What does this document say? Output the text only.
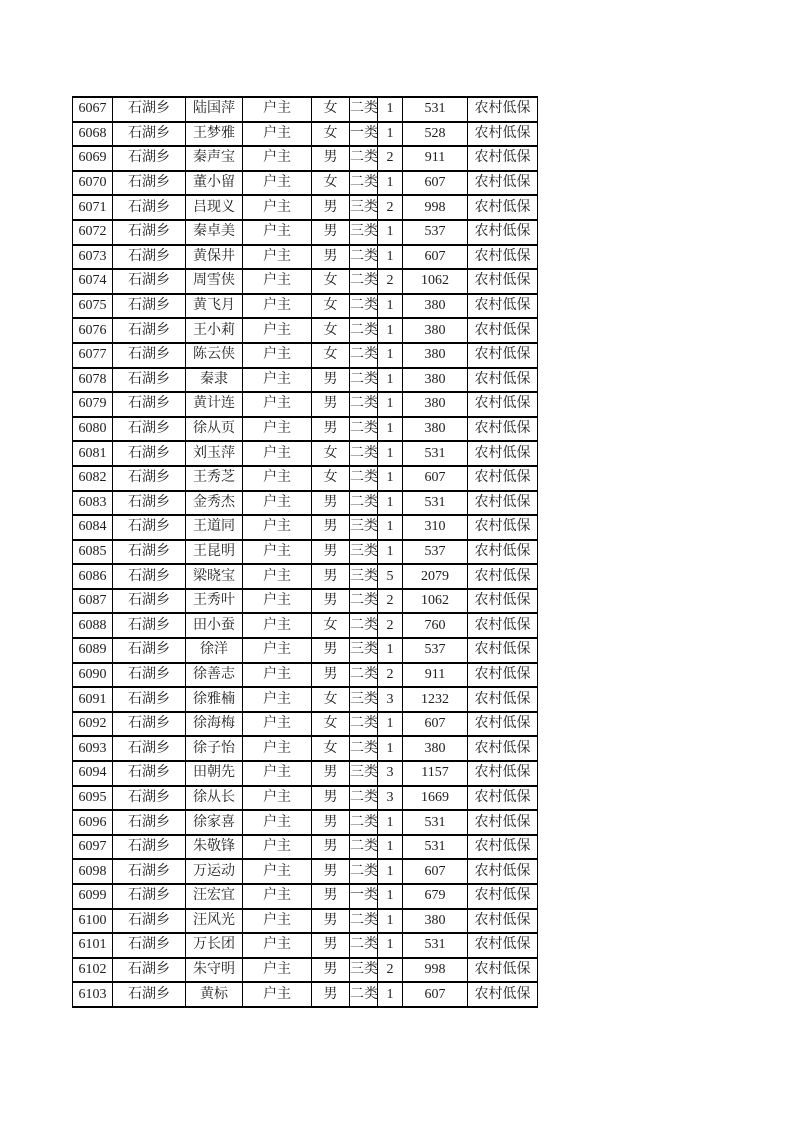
6067	石湖乡	陆国萍	户主	女	二类	1	531	农村低保
6068	石湖乡	王梦雅	户主	女	一类	1	528	农村低保
6069	石湖乡	秦声宝	户主	男	二类	2	911	农村低保
6070	石湖乡	董小留	户主	女	二类	1	607	农村低保
6071	石湖乡	吕现义	户主	男	三类	2	998	农村低保
6072	石湖乡	秦卓美	户主	男	三类	1	537	农村低保
6073	石湖乡	黄保井	户主	男	二类	1	607	农村低保
6074	石湖乡	周雪侠	户主	女	二类	2	1062	农村低保
6075	石湖乡	黄飞月	户主	女	二类	1	380	农村低保
6076	石湖乡	王小莉	户主	女	二类	1	380	农村低保
6077	石湖乡	陈云侠	户主	女	二类	1	380	农村低保
6078	石湖乡	秦隶	户主	男	二类	1	380	农村低保
6079	石湖乡	黄计连	户主	男	二类	1	380	农村低保
6080	石湖乡	徐从页	户主	男	二类	1	380	农村低保
6081	石湖乡	刘玉萍	户主	女	二类	1	531	农村低保
6082	石湖乡	王秀芝	户主	女	二类	1	607	农村低保
6083	石湖乡	金秀杰	户主	男	二类	1	531	农村低保
6084	石湖乡	王道同	户主	男	三类	1	310	农村低保
6085	石湖乡	王昆明	户主	男	三类	1	537	农村低保
6086	石湖乡	梁晓宝	户主	男	三类	5	2079	农村低保
6087	石湖乡	王秀叶	户主	男	二类	2	1062	农村低保
6088	石湖乡	田小蚕	户主	女	二类	2	760	农村低保
6089	石湖乡	徐洋	户主	男	三类	1	537	农村低保
6090	石湖乡	徐善志	户主	男	二类	2	911	农村低保
6091	石湖乡	徐雅楠	户主	女	三类	3	1232	农村低保
6092	石湖乡	徐海梅	户主	女	二类	1	607	农村低保
6093	石湖乡	徐子怡	户主	女	二类	1	380	农村低保
6094	石湖乡	田朝先	户主	男	三类	3	1157	农村低保
6095	石湖乡	徐从长	户主	男	二类	3	1669	农村低保
6096	石湖乡	徐家喜	户主	男	二类	1	531	农村低保
6097	石湖乡	朱敬锋	户主	男	二类	1	531	农村低保
6098	石湖乡	万运动	户主	男	二类	1	607	农村低保
6099	石湖乡	汪宏宜	户主	男	一类	1	679	农村低保
6100	石湖乡	汪风光	户主	男	二类	1	380	农村低保
6101	石湖乡	万长团	户主	男	二类	1	531	农村低保
6102	石湖乡	朱守明	户主	男	三类	2	998	农村低保
6103	石湖乡	黄标	户主	男	二类	1	607	农村低保
